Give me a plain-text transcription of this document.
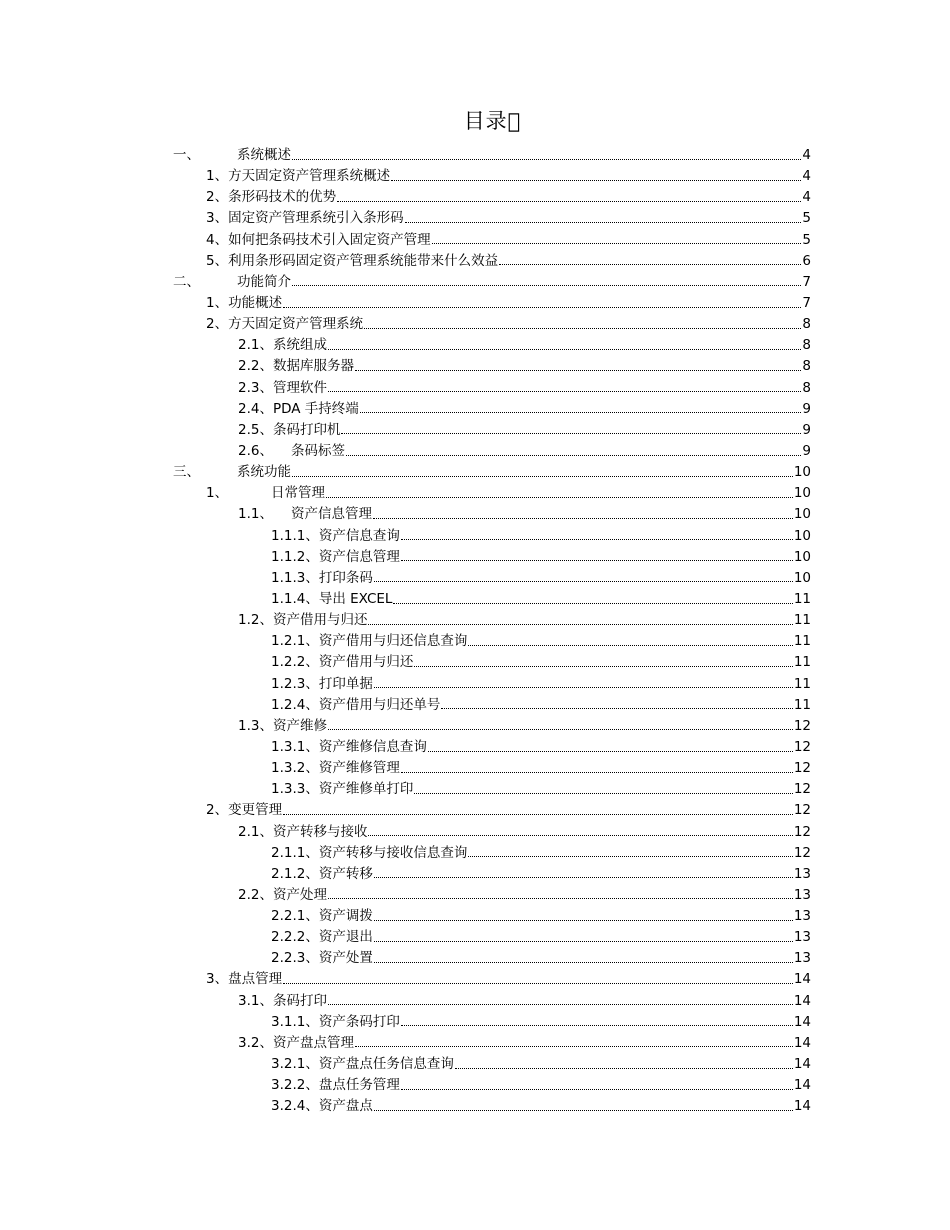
目录 
一、	系统概述	4
1、 方天固定资产管理系统概述	4
2、 条形码技术的优势	4
3、 固定资产管理系统引入条形码	5
4、 如何把条码技术引入固定资产管理	5
5、 利用条形码固定资产管理系统能带来什么效益	6
二、	功能简介	7
1、 功能概述	7
2、 方天固定资产管理系统	8
2.1、 系统组成	8
2.2、 数据库服务器	8
2.3、 管理软件	8
2.4、 PDA 手持终端	9
2.5、 条码打印机	9
2.6、	条码标签	9
三、	系统功能	10
1、	日常管理	10
1.1、	资产信息管理	10
1.1.1、 资产信息查询	10
1.1.2、 资产信息管理	10
1.1.3、 打印条码	10
1.1.4、 导出 EXCEL	11
1.2、 资产借用与归还	11
1.2.1、 资产借用与归还信息查询	11
1.2.2、 资产借用与归还	11
1.2.3、 打印单据	11
1.2.4、 资产借用与归还单号	11
1.3、 资产维修	12
1.3.1、 资产维修信息查询	12
1.3.2、 资产维修管理	12
1.3.3、 资产维修单打印	12
2、 变更管理	12
2.1、 资产转移与接收	12
2.1.1、 资产转移与接收信息查询	12
2.1.2、 资产转移	13
2.2、 资产处理	13
2.2.1、 资产调拨	13
2.2.2、 资产退出	13
2.2.3、 资产处置	13
3、 盘点管理	14
3.1、 条码打印	14
3.1.1、 资产条码打印	14
3.2、 资产盘点管理	14
3.2.1、 资产盘点任务信息查询	14
3.2.2、 盘点任务管理	14
3.2.4、 资产盘点	14
